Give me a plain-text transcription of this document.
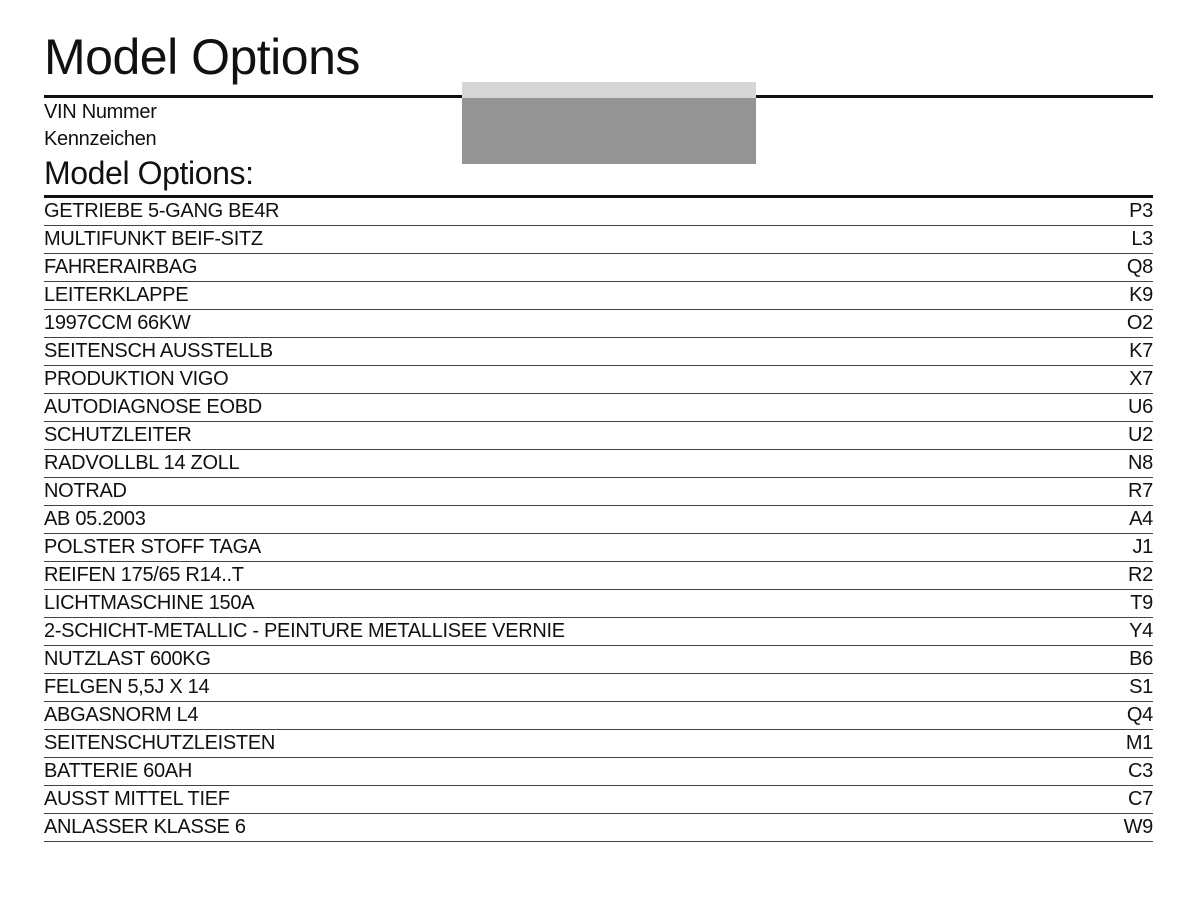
Model Options
VIN Nummer
Kennzeichen
Model Options:
GETRIEBE 5-GANG BE4R	P3
MULTIFUNKT BEIF-SITZ	L3
FAHRERAIRBAG	Q8
LEITERKLAPPE	K9
1997CCM 66KW	O2
SEITENSCH AUSSTELLB	K7
PRODUKTION VIGO	X7
AUTODIAGNOSE EOBD	U6
SCHUTZLEITER	U2
RADVOLLBL 14 ZOLL	N8
NOTRAD	R7
AB 05.2003	A4
POLSTER STOFF TAGA	J1
REIFEN 175/65 R14..T	R2
LICHTMASCHINE 150A	T9
2-SCHICHT-METALLIC - PEINTURE METALLISEE VERNIE	Y4
NUTZLAST 600KG	B6
FELGEN 5,5J X 14	S1
ABGASNORM L4	Q4
SEITENSCHUTZLEISTEN	M1
BATTERIE 60AH	C3
AUSST MITTEL TIEF	C7
ANLASSER KLASSE 6	W9
